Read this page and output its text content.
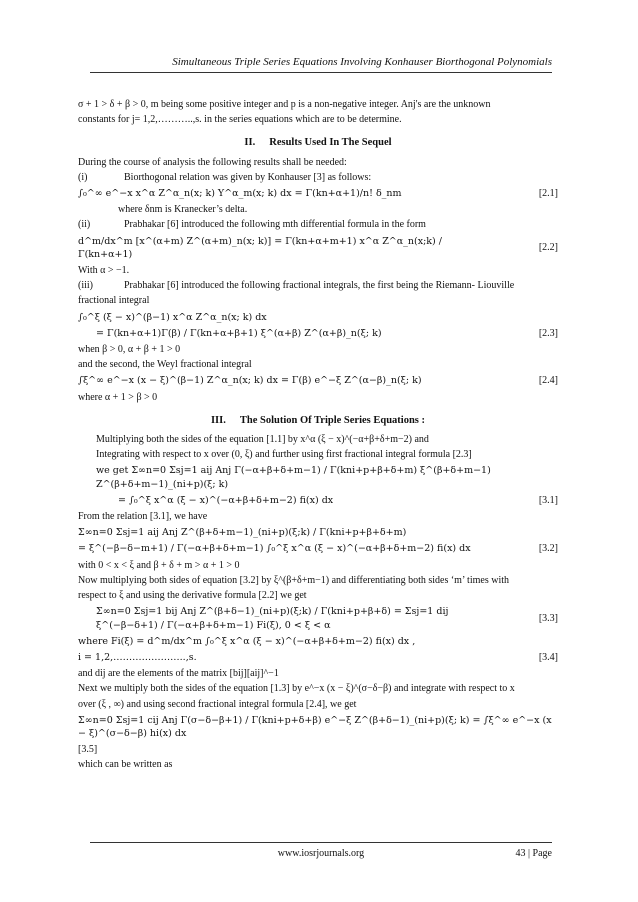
Simultaneous Triple Series Equations Involving Konhauser Biorthogonal Polynomials

σ + 1 > δ + β > 0, m being some positive integer and p is a non-negative integer. Anj's are the unknown

constants for j= 1,2,………..,s. in the series equations which are to be determine.

II. Results Used In The Sequel

During the course of analysis the following results shall be needed:

(i)	Biorthogonal relation was given by Konhauser [3] as follows:
∫₀^∞ e^−x x^α Z^α_n(x; k) Y^α_m(x; k) dx = Γ(kn+α+1)/n! δ_nm	[2.1]

where δnm is Kranecker’s delta.

(ii)	Prabhakar [6] introduced the following mth differential formula in the form
d^m/dx^m [x^(α+m) Z^(α+m)_n(x; k)] = Γ(kn+α+m+1) x^α Z^α_n(x;k) / Γ(kn+α+1)
[2.2]

With α > −1.

(iii)	Prabhakar [6] introduced the following fractional integrals, the first being the Riemann- Liouville

fractional integral

∫₀^ξ (ξ − x)^(β−1) x^α Z^α_n(x; k) dx
= Γ(kn+α+1)Γ(β) / Γ(kn+α+β+1) ξ^(α+β) Z^(α+β)_n(ξ; k)	[2.3]

when β > 0, α + β + 1 > 0

and the second, the Weyl fractional integral

∫ξ^∞ e^−x (x − ξ)^(β−1) Z^α_n(x; k) dx = Γ(β) e^−ξ Z^(α−β)_n(ξ; k)	[2.4]

where α + 1 > β > 0

III. The Solution Of Triple Series Equations :

Multiplying both the sides of the equation [1.1] by x^α (ξ − x)^(−α+β+δ+m−2) and

Integrating with respect to x over (0, ξ) and further using first fractional integral formula [2.3]

we get Σ∞n=0 Σsj=1 aij Anj Γ(−α+β+δ+m−1) / Γ(kni+p+β+δ+m) ξ^(β+δ+m−1) Z^(β+δ+m−1)_(ni+p)(ξ; k)
= ∫₀^ξ x^α (ξ − x)^(−α+β+δ+m−2) fi(x) dx	[3.1]

From the relation [3.1], we have

Σ∞n=0 Σsj=1 aij Anj Z^(β+δ+m−1)_(ni+p)(ξ;k) / Γ(kni+p+β+δ+m)
= ξ^(−β−δ−m+1) / Γ(−α+β+δ+m−1) ∫₀^ξ x^α (ξ − x)^(−α+β+δ+m−2) fi(x) dx	[3.2]

with 0 < x < ξ and β + δ + m > α + 1 > 0

Now multiplying both sides of equation [3.2] by ξ^(β+δ+m−1) and differentiating both sides ‘m’ times with

respect to ξ and using the derivative formula [2.2] we get

Σ∞n=0 Σsj=1 bij Anj Z^(β+δ−1)_(ni+p)(ξ;k) / Γ(kni+p+β+δ) = Σsj=1 dij ξ^(−β−δ+1) / Γ(−α+β+δ+m−1) Fi(ξ), 0 < ξ < α
[3.3]
where Fi(ξ) = d^m/dx^m ∫₀^ξ x^α (ξ − x)^(−α+β+δ+m−2) fi(x) dx ,
i = 1,2,…………………..,s.	[3.4]

and dij are the elements of the matrix [bij][aij]^−1

Next we multiply both the sides of the equation [1.3] by e^−x (x − ξ)^(σ−δ−β) and integrate with respect to x

over (ξ , ∞) and using second fractional integral formula [2.4], we get

Σ∞n=0 Σsj=1 cij Anj Γ(σ−δ−β+1) / Γ(kni+p+δ+β) e^−ξ Z^(β+δ−1)_(ni+p)(ξ; k) = ∫ξ^∞ e^−x (x − ξ)^(σ−δ−β) hi(x) dx

[3.5]

which can be written as

www.iosrjournals.org	43 | Page
